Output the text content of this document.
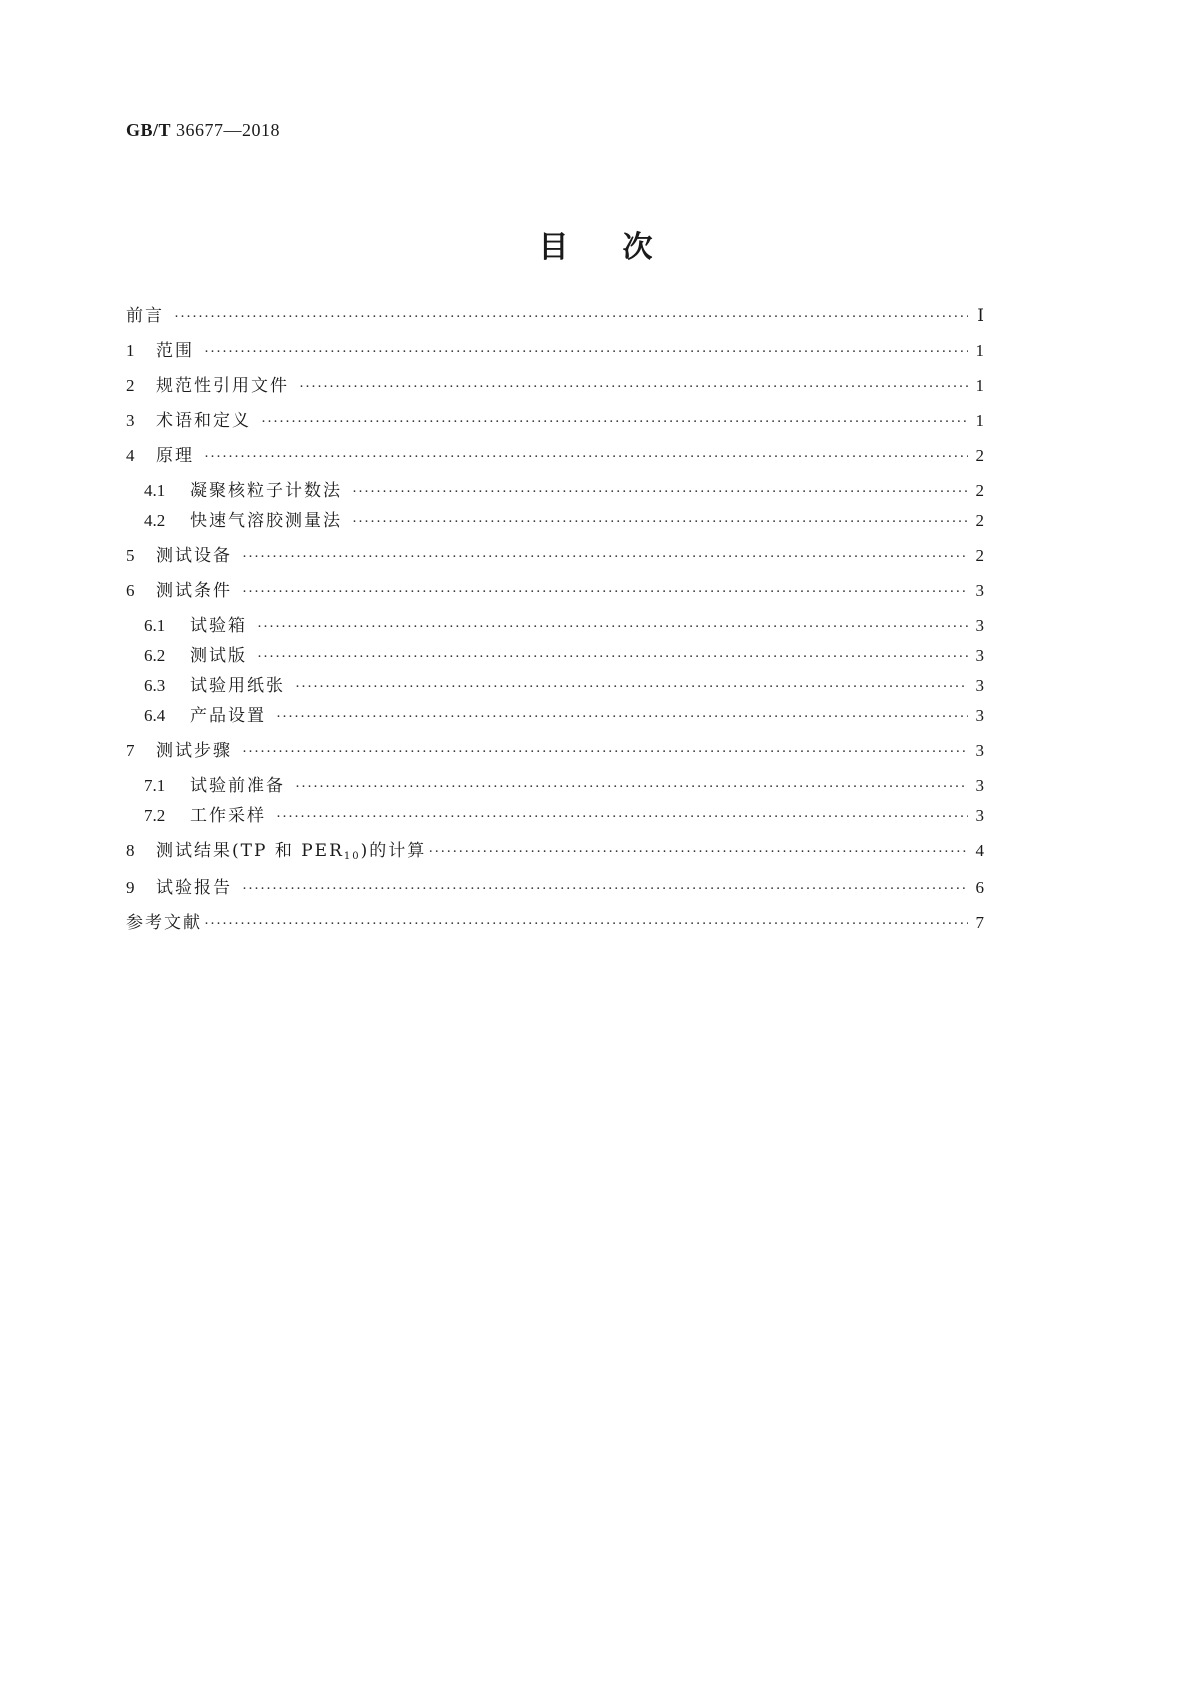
GB/T 36677—2018
目次
前言 ·····	Ⅰ
1	范围 ·····	1
2	规范性引用文件 ·····	1
3	术语和定义 ·····	1
4	原理 ·····	2
4.1	凝聚核粒子计数法 ·····	2
4.2	快速气溶胶测量法 ·····	2
5	测试设备 ·····	2
6	测试条件 ·····	3
6.1	试验箱 ·····	3
6.2	测试版 ·····	3
6.3	试验用纸张 ·····	3
6.4	产品设置 ·····	3
7	测试步骤 ·····	3
7.1	试验前准备 ·····	3
7.2	工作采样 ·····	3
8	测试结果(TP 和 PER10)的计算 ·····	4
9	试验报告 ·····	6
参考文献 ·····	7
